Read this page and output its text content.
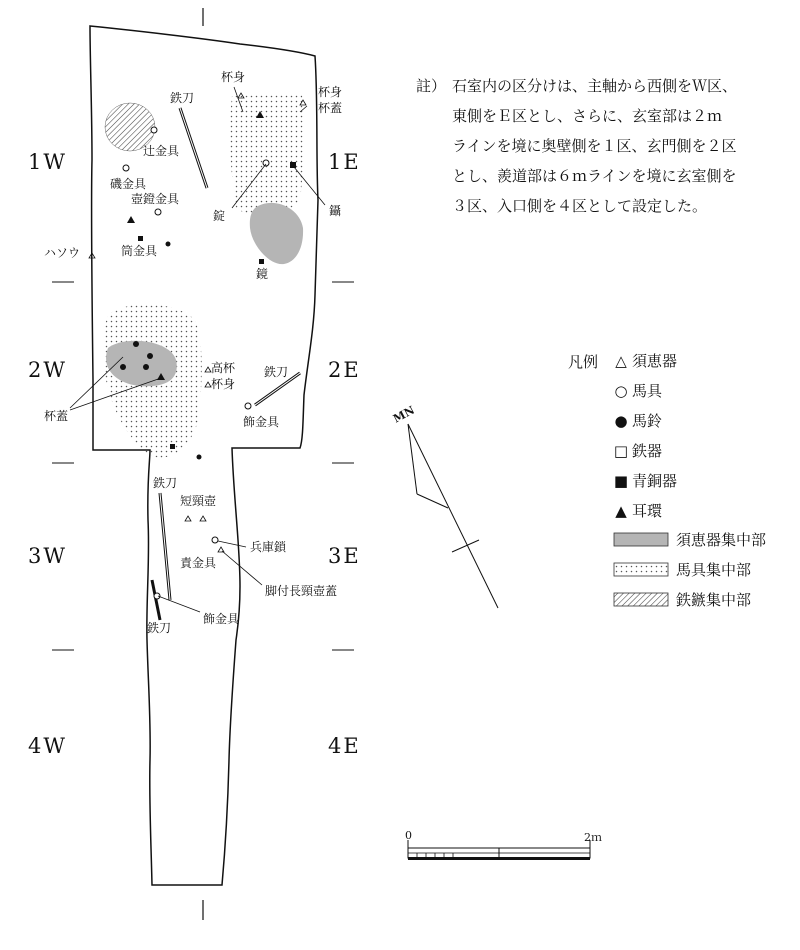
1W	1E
2W	2E
3W	3E
4W	4E
鉄刀
辻金具
磯金具
壺鐙金具
ハソウ	筒金具
杯身
杯身
杯蓋
錠	鑷
鏡
高杯
杯身
鉄刀
飾金具
杯蓋
鉄刀
短頸壺
兵庫鎖
責金具
脚付長頸壺蓋
飾金具
鉄刀
註） 石室内の区分けは、主軸から西側をＷ区、
東側をＥ区とし、さらに、玄室部は２ｍ
ラインを境に奥壁側を１区、玄門側を２区
とし、羨道部は６ｍラインを境に玄室側を
３区、入口側を４区として設定した。
凡例 △ 須恵器
○ 馬具
● 馬鈴
□ 鉄器
■ 青銅器
▲ 耳環
須恵器集中部
馬具集中部
鉄鏃集中部
MN
0	2ｍ
